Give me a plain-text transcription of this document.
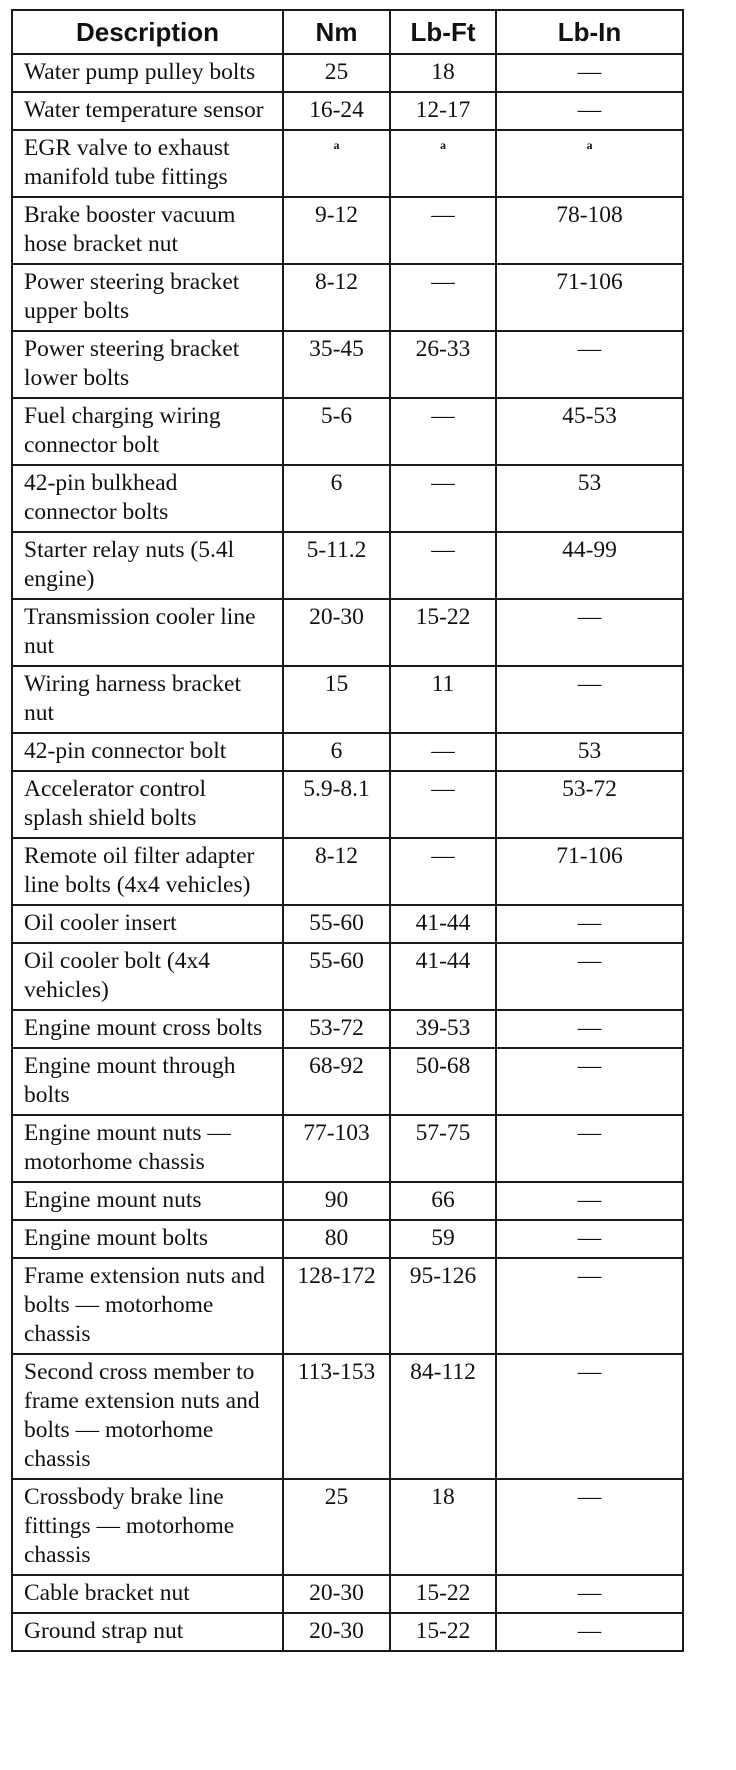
Description	Nm	Lb-Ft	Lb-In

Water pump pulley bolts	25	18	—

Water temperature sensor	16-24	12-17	—

EGR valve to exhaust
manifold tube fittings	$^a$	$^a$	$^a$

Brake booster vacuum
hose bracket nut	9-12	—	78-108

Power steering bracket
upper bolts	8-12	—	71-106

Power steering bracket
lower bolts	35-45	26-33	—

Fuel charging wiring
connector bolt	5-6	—	45-53

42-pin bulkhead
connector bolts	6	—	53

Starter relay nuts (5.4l
engine)	5-11.2	—	44-99

Transmission cooler line
nut	20-30	15-22	—

Wiring harness bracket
nut	15	11	—

42-pin connector bolt	6	—	53

Accelerator control
splash shield bolts	5.9-8.1	—	53-72

Remote oil filter adapter
line bolts (4x4 vehicles)	8-12	—	71-106

Oil cooler insert	55-60	41-44	—

Oil cooler bolt (4x4
vehicles)	55-60	41-44	—

Engine mount cross bolts	53-72	39-53	—

Engine mount through
bolts	68-92	50-68	—

Engine mount nuts —
motorhome chassis	77-103	57-75	—

Engine mount nuts	90	66	—

Engine mount bolts	80	59	—

Frame extension nuts and
bolts — motorhome
chassis	128-172	95-126	—

Second cross member to
frame extension nuts and
bolts — motorhome
chassis	113-153	84-112	—

Crossbody brake line
fittings — motorhome
chassis	25	18	—

Cable bracket nut	20-30	15-22	—

Ground strap nut	20-30	15-22	—
